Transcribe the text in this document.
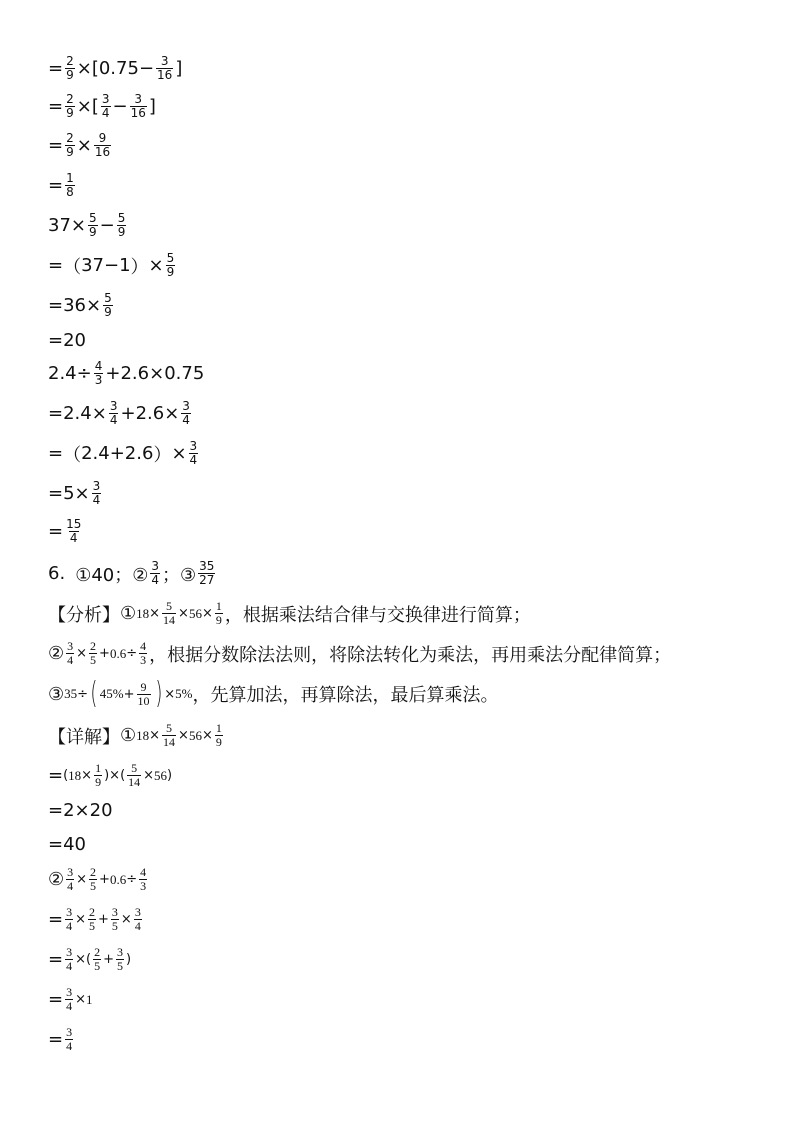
= $\frac{2}{9}$ × [ $0.75 - \frac{3}{16}$ ]
= $\frac{2}{9}$ × [ $\frac{3}{4} - \frac{3}{16}$ ]
= $\frac{2}{9} \times \frac{9}{16}$
= $\frac{1}{8}$
$37 \times \frac{5}{9} - \frac{5}{9}$
= （ 37−1 ） × $\frac{5}{9}$
= $36 \times \frac{5}{9}$
= 20
$2.4 \div \frac{4}{3} + 2.6 \times 0.75$
= $2.4 \times \frac{3}{4} + 2.6 \times \frac{3}{4}$
= （ 2.4+2.6 ） × $\frac{3}{4}$
= $5 \times \frac{3}{4}$
= $\frac{15}{4}$
6. ①40；② $\frac{3}{4}$ ；③ $\frac{35}{27}$
【分析】 ① $18 \times \frac{5}{14} \times 56 \times \frac{1}{9}$ ，根据乘法结合律与交换律进行简算；
② $\frac{3}{4} \times \frac{2}{5} + 0.6 \div \frac{4}{3}$ ，根据分数除法法则，将除法转化为乘法，再用乘法分配律简算；
③ 35 ÷ ( $45\% + \frac{9}{10}$ ) × 5% ，先算加法，再算除法，最后算乘法。
【详解】 ① $18 \times \frac{5}{14} \times 56 \times \frac{1}{9}$
= ( $18 \times \frac{1}{9}$ ) × ( $\frac{5}{14} \times 56$ )
= 2 × 20
= 40
② $\frac{3}{4} \times \frac{2}{5} + 0.6 \div \frac{4}{3}$
= $\frac{3}{4} \times \frac{2}{5} + \frac{3}{5} \times \frac{3}{4}$
= $\frac{3}{4}$ × ( $\frac{2}{5} + \frac{3}{5}$ )
= $\frac{3}{4} \times 1$
= $\frac{3}{4}$
